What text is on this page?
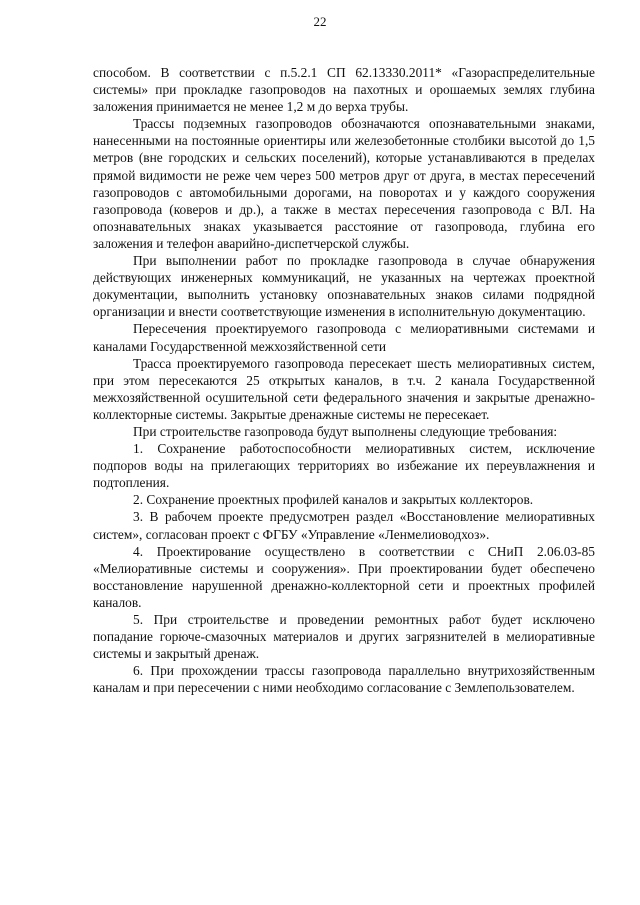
22

способом. В соответствии с п.5.2.1 СП 62.13330.2011* «Газораспределительные системы» при прокладке газопроводов на пахотных и орошаемых землях глубина заложения принимается не менее 1,2 м до верха трубы.

Трассы подземных газопроводов обозначаются опознавательными знаками, нанесенными на постоянные ориентиры или железобетонные столбики высотой до 1,5 метров (вне городских и сельских поселений), которые устанавливаются в пределах прямой видимости не реже чем через 500 метров друг от друга, в местах пересечений газопроводов с автомобильными дорогами, на поворотах и у каждого сооружения газопровода (коверов и др.), а также в местах пересечения газопровода с ВЛ. На опознавательных знаках указывается расстояние от газопровода, глубина его заложения и телефон аварийно-диспетчерской службы.

При выполнении работ по прокладке газопровода в случае обнаружения действующих инженерных коммуникаций, не указанных на чертежах проектной документации, выполнить установку опознавательных знаков силами подрядной организации и внести соответствующие изменения в исполнительную документацию.

Пересечения проектируемого газопровода с мелиоративными системами и каналами Государственной межхозяйственной сети

Трасса проектируемого газопровода пересекает шесть мелиоративных систем, при этом пересекаются 25 открытых каналов, в т.ч. 2 канала Государственной межхозяйственной осушительной сети федерального значения и закрытые дренажно-коллекторные системы. Закрытые дренажные системы не пересекает.

При строительстве газопровода будут выполнены следующие требования:

1. Сохранение работоспособности мелиоративных систем, исключение подпоров воды на прилегающих территориях во избежание их переувлажнения и подтопления.

2. Сохранение проектных профилей каналов и закрытых коллекторов.

3. В рабочем проекте предусмотрен раздел «Восстановление мелиоративных систем», согласован проект с ФГБУ «Управление «Ленмелиоводхоз».

4. Проектирование осуществлено в соответствии с СНиП 2.06.03-85 «Мелиоративные системы и сооружения». При проектировании будет обеспечено восстановление нарушенной дренажно-коллекторной сети и проектных профилей каналов.

5. При строительстве и проведении ремонтных работ будет исключено попадание горюче-смазочных материалов и других загрязнителей в мелиоративные системы и закрытый дренаж.

6. При прохождении трассы газопровода параллельно внутрихозяйственным каналам и при пересечении с ними необходимо согласование с Землепользователем.
